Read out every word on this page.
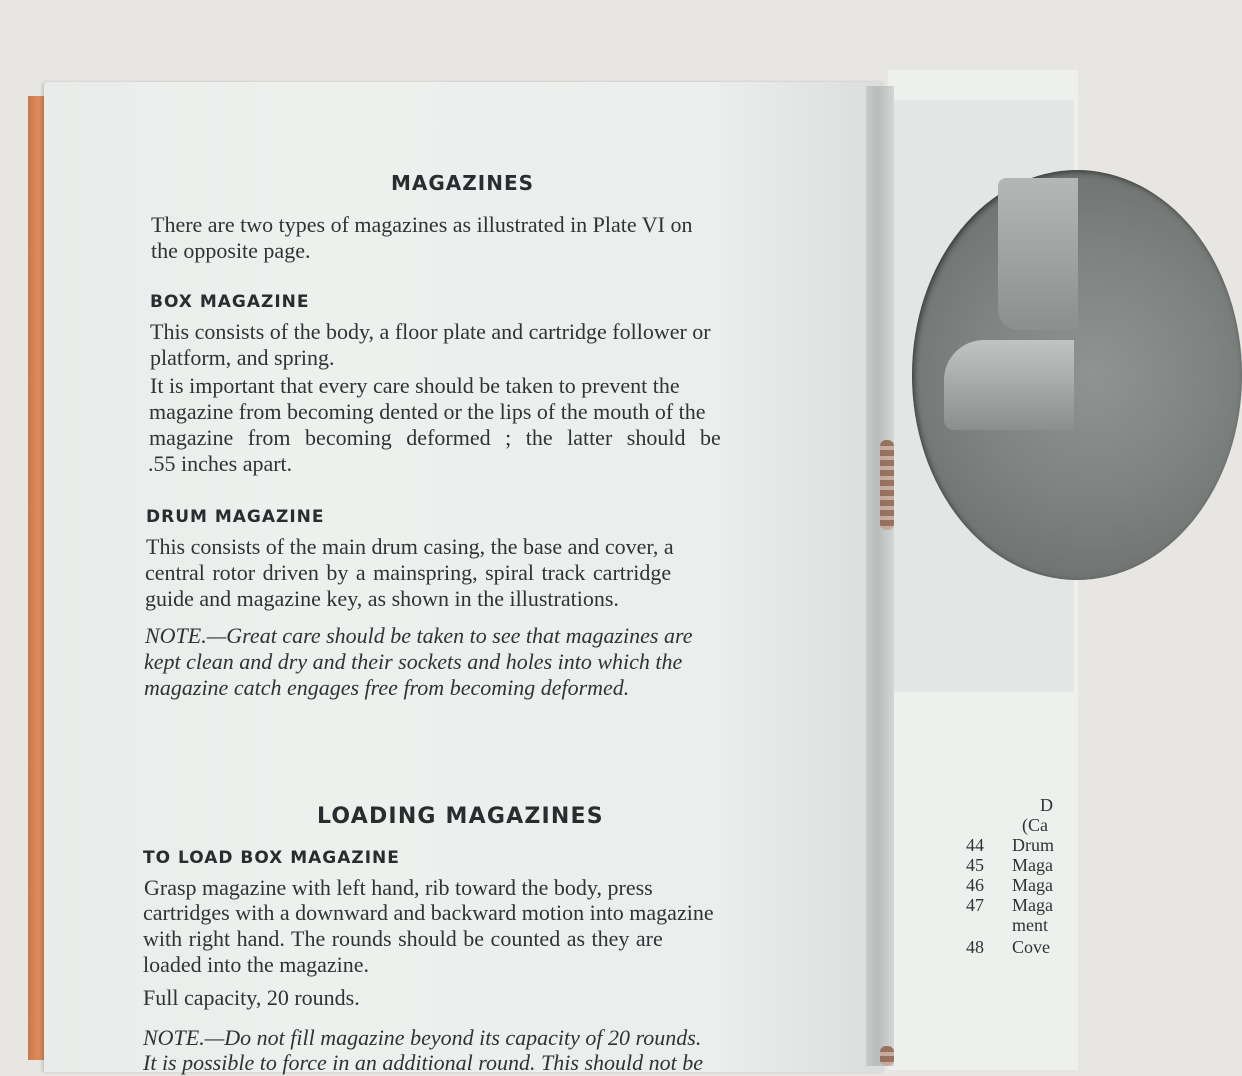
MAGAZINES
There are two types of magazines as illustrated in Plate VI on
the opposite page.
BOX MAGAZINE
This consists of the body, a floor plate and cartridge follower or
platform, and spring.
It is important that every care should be taken to prevent the
magazine from becoming dented or the lips of the mouth of the
magazine from becoming deformed ; the latter should be
.55 inches apart.
DRUM MAGAZINE
This consists of the main drum casing, the base and cover, a
central rotor driven by a mainspring, spiral track cartridge
guide and magazine key, as shown in the illustrations.
NOTE.—Great care should be taken to see that magazines are
kept clean and dry and their sockets and holes into which the
magazine catch engages free from becoming deformed.
LOADING MAGAZINES
TO LOAD BOX MAGAZINE
Grasp magazine with left hand, rib toward the body, press
cartridges with a downward and backward motion into magazine
with right hand. The rounds should be counted as they are
loaded into the magazine.
Full capacity, 20 rounds.
NOTE.—Do not fill magazine beyond its capacity of 20 rounds.
It is possible to force in an additional round. This should not be
D
(Ca
44 Drum
45 Maga
46 Maga
47 Maga
ment
48 Cove
